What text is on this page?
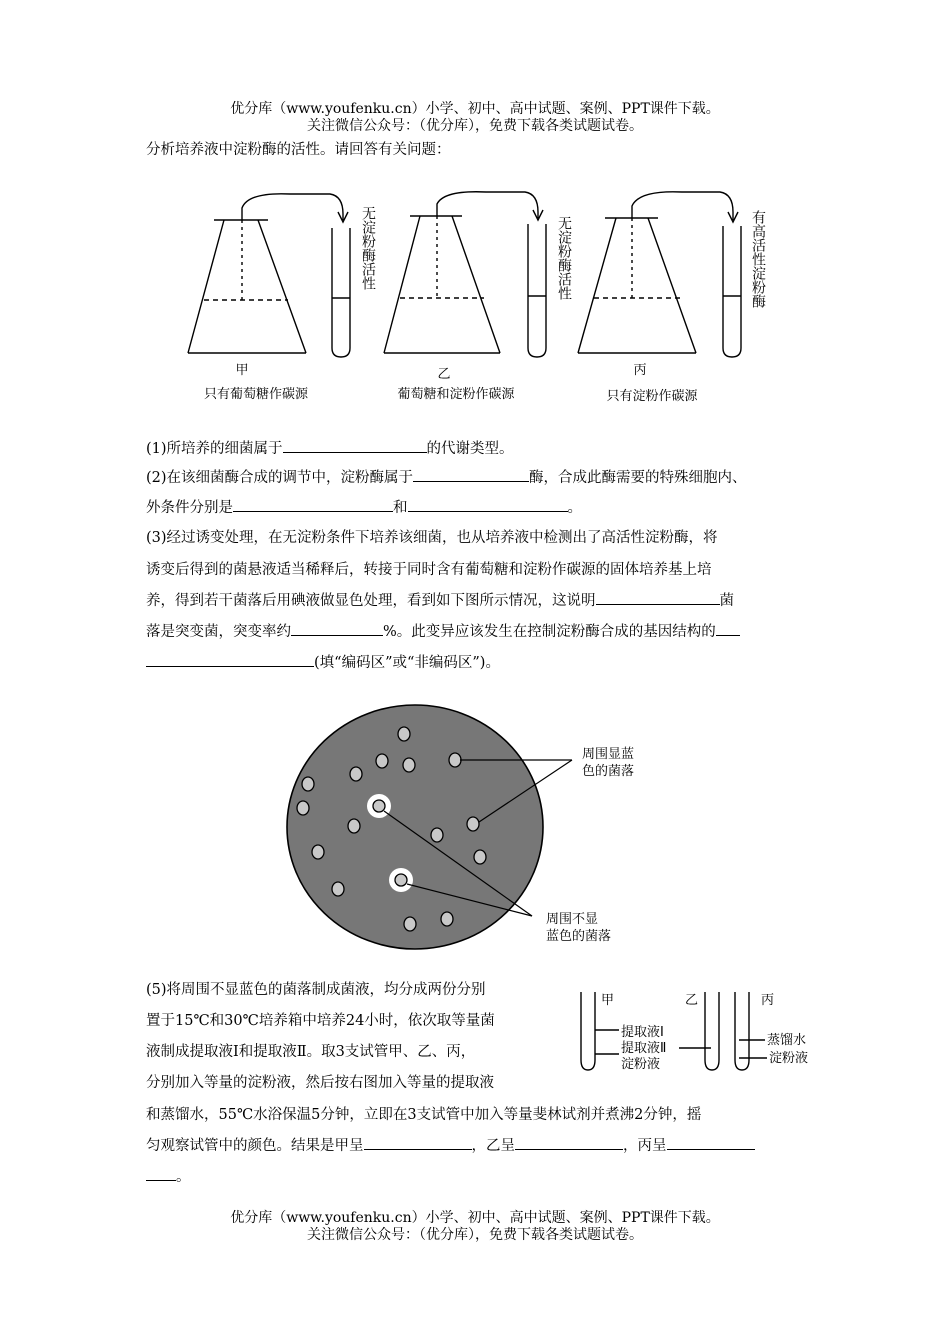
优分库（www.youfenku.cn）小学、初中、高中试题、案例、PPT课件下载。
关注微信公众号：（优分库），免费下载各类试题试卷。
分析培养液中淀粉酶的活性。请回答有关问题：
无淀粉酶活性	无淀粉酶活性	有高活性淀粉酶
甲	乙	丙
只有葡萄糖作碳源	葡萄糖和淀粉作碳源	只有淀粉作碳源
(1)所培养的细菌属于	的代谢类型。
(2)在该细菌酶合成的调节中，淀粉酶属于	酶，合成此酶需要的特殊细胞内、
外条件分别是	和	。
(3)经过诱变处理，在无淀粉条件下培养该细菌，也从培养液中检测出了高活性淀粉酶，将
诱变后得到的菌悬液适当稀释后，转接于同时含有葡萄糖和淀粉作碳源的固体培养基上培
养，得到若干菌落后用碘液做显色处理，看到如下图所示情况，这说明	菌
落是突变菌，突变率约	%。此变异应该发生在控制淀粉酶合成的基因结构的
(填“编码区”或“非编码区”)。
周围显蓝
色的菌落
周围不显
蓝色的菌落
(5)将周围不显蓝色的菌落制成菌液，均分成两份分别
置于15℃和30℃培养箱中培养24小时，依次取等量菌
液制成提取液Ⅰ和提取液Ⅱ。取3支试管甲、乙、丙，
分别加入等量的淀粉液，然后按右图加入等量的提取液
和蒸馏水，55℃水浴保温5分钟，立即在3支试管中加入等量斐林试剂并煮沸2分钟，摇
匀观察试管中的颜色。结果是甲呈	，乙呈	，丙呈
。
甲	乙	丙
提取液Ⅰ
提取液Ⅱ
淀粉液
蒸馏水
淀粉液
优分库（www.youfenku.cn）小学、初中、高中试题、案例、PPT课件下载。
关注微信公众号：（优分库），免费下载各类试题试卷。
